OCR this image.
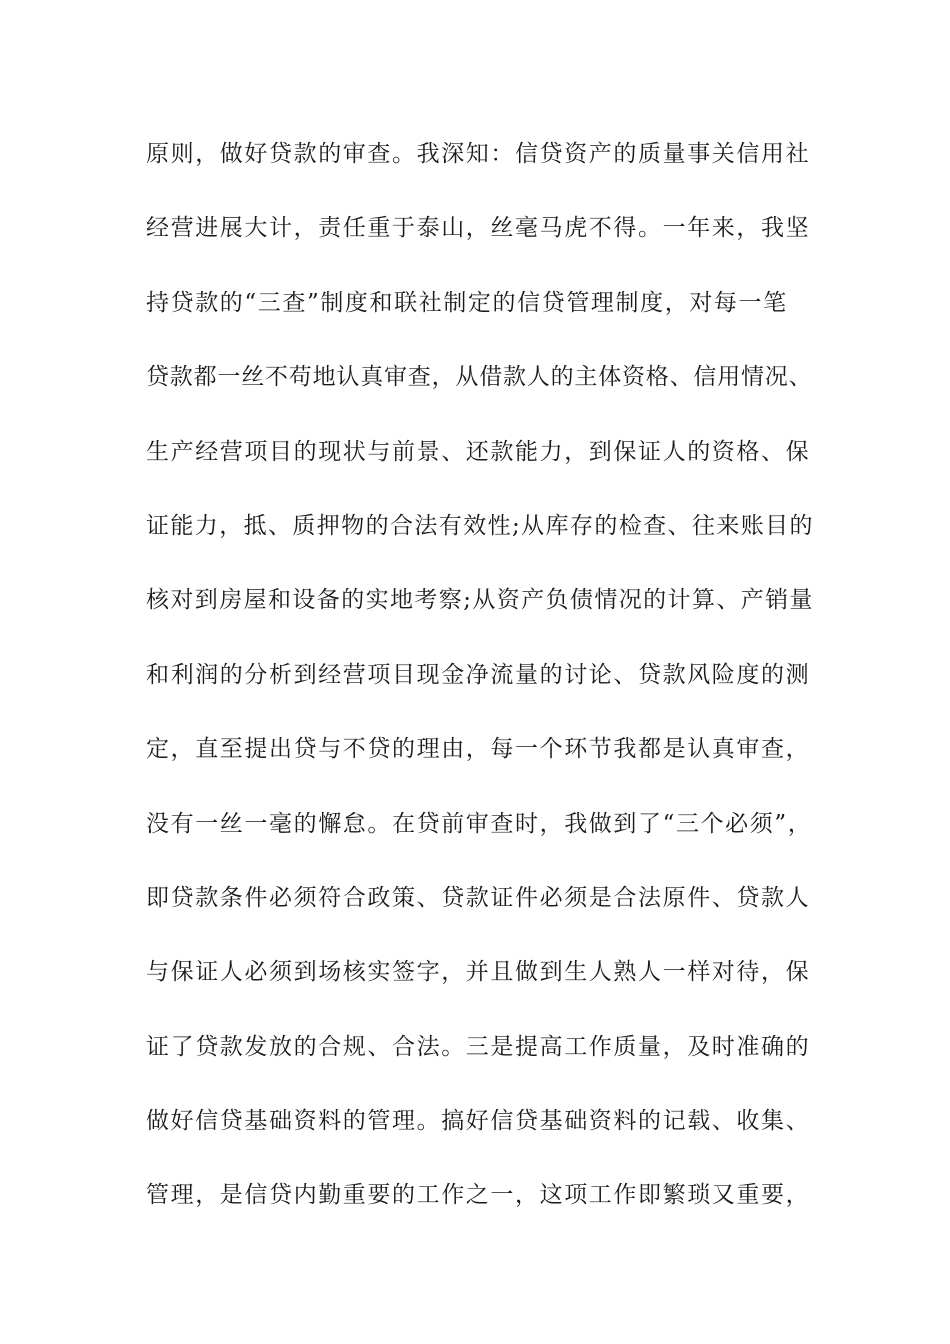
原则，做好贷款的审查。我深知：信贷资产的质量事关信用社
经营进展大计，责任重于泰山，丝毫马虎不得。一年来，我坚
持贷款的“三查”制度和联社制定的信贷管理制度，对每一笔
贷款都一丝不苟地认真审查，从借款人的主体资格、信用情况、
生产经营项目的现状与前景、还款能力，到保证人的资格、保
证能力，抵、质押物的合法有效性;从库存的检查、往来账目的
核对到房屋和设备的实地考察;从资产负债情况的计算、产销量
和利润的分析到经营项目现金净流量的讨论、贷款风险度的测
定，直至提出贷与不贷的理由，每一个环节我都是认真审查，
没有一丝一毫的懈怠。在贷前审查时，我做到了“三个必须”，
即贷款条件必须符合政策、贷款证件必须是合法原件、贷款人
与保证人必须到场核实签字，并且做到生人熟人一样对待，保
证了贷款发放的合规、合法。三是提高工作质量，及时准确的
做好信贷基础资料的管理。搞好信贷基础资料的记载、收集、
管理，是信贷内勤重要的工作之一，这项工作即繁琐又重要，
